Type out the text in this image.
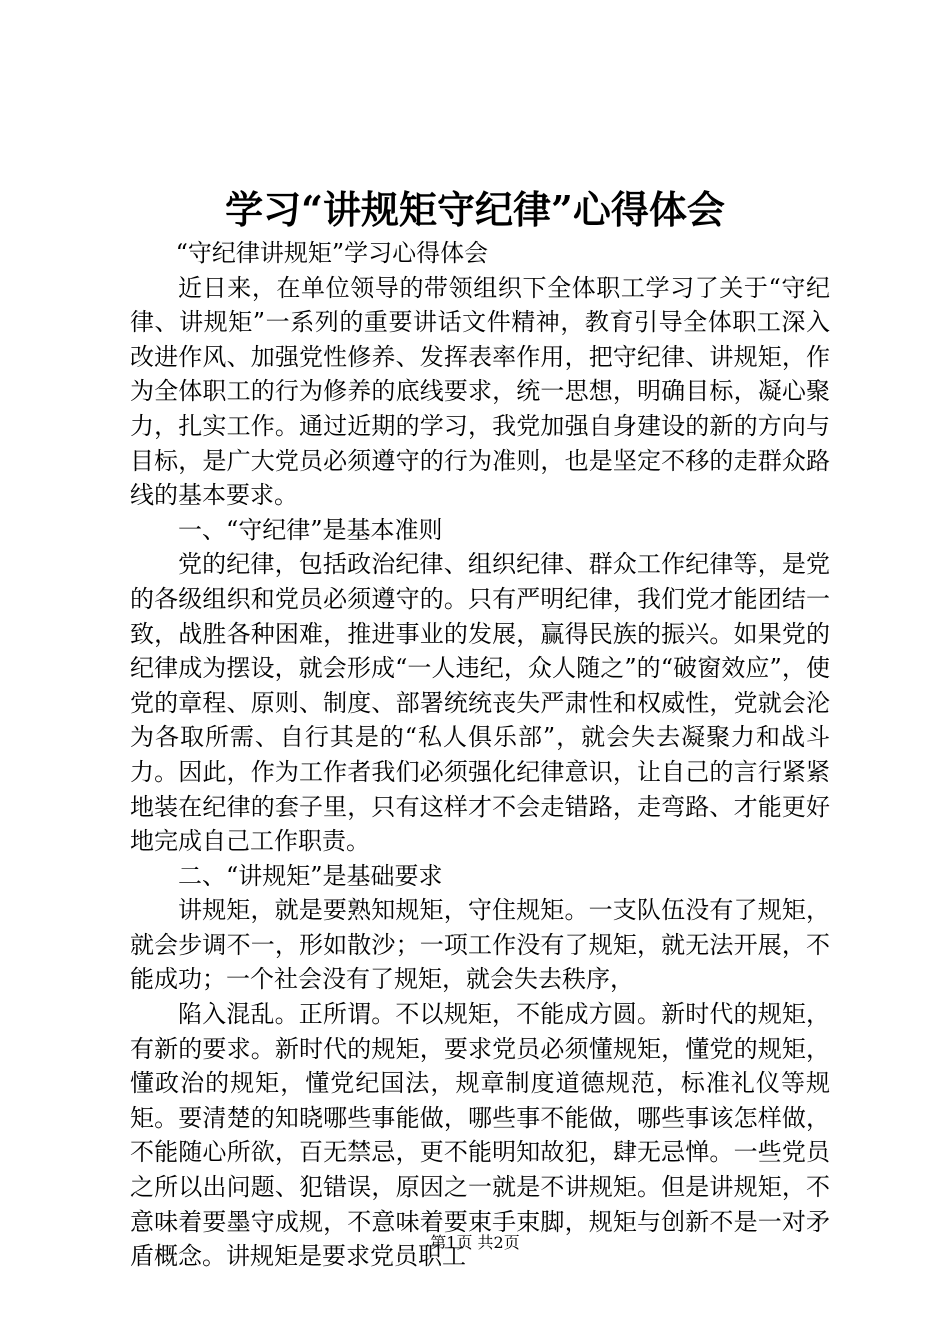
学习“讲规矩守纪律”心得体会

“守纪律讲规矩”学习心得体会

近日来，在单位领导的带领组织下全体职工学习了关于“守纪律、讲规矩”一系列的重要讲话文件精神，教育引导全体职工深入改进作风、加强党性修养、发挥表率作用，把守纪律、讲规矩，作为全体职工的行为修养的底线要求，统一思想，明确目标，凝心聚力，扎实工作。通过近期的学习，我党加强自身建设的新的方向与目标，是广大党员必须遵守的行为准则，也是坚定不移的走群众路线的基本要求。

一、“守纪律”是基本准则

党的纪律，包括政治纪律、组织纪律、群众工作纪律等，是党的各级组织和党员必须遵守的。只有严明纪律，我们党才能团结一致，战胜各种困难，推进事业的发展，赢得民族的振兴。如果党的纪律成为摆设，就会形成“一人违纪，众人随之”的“破窗效应”，使党的章程、原则、制度、部署统统丧失严肃性和权威性，党就会沦为各取所需、自行其是的“私人俱乐部”，就会失去凝聚力和战斗力。因此，作为工作者我们必须强化纪律意识，让自己的言行紧紧地装在纪律的套子里，只有这样才不会走错路，走弯路、才能更好地完成自己工作职责。

二、“讲规矩”是基础要求

讲规矩，就是要熟知规矩，守住规矩。一支队伍没有了规矩，就会步调不一，形如散沙；一项工作没有了规矩，就无法开展，不能成功；一个社会没有了规矩，就会失去秩序，

陷入混乱。正所谓。不以规矩，不能成方圆。新时代的规矩，有新的要求。新时代的规矩，要求党员必须懂规矩，懂党的规矩，懂政治的规矩，懂党纪国法，规章制度道德规范，标准礼仪等规矩。要清楚的知晓哪些事能做，哪些事不能做，哪些事该怎样做，不能随心所欲，百无禁忌，更不能明知故犯，肆无忌惮。一些党员之所以出问题、犯错误，原因之一就是不讲规矩。但是讲规矩，不意味着要墨守成规，不意味着要束手束脚，规矩与创新不是一对矛盾概念。讲规矩是要求党员职工

第1页 共2页
